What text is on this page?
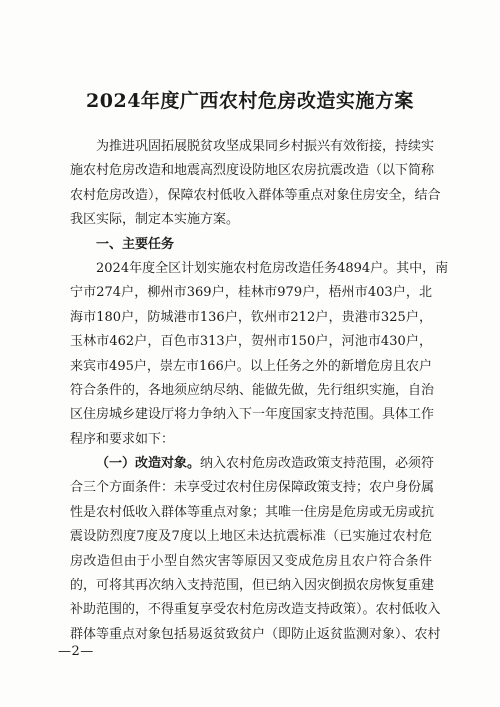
2024年度广西农村危房改造实施方案
为推进巩固拓展脱贫攻坚成果同乡村振兴有效衔接，持续实
施农村危房改造和地震高烈度设防地区农房抗震改造（以下简称
农村危房改造），保障农村低收入群体等重点对象住房安全，结合
我区实际，制定本实施方案。
一、主要任务
2024年度全区计划实施农村危房改造任务4894户。其中，南
宁市274户，柳州市369户，桂林市979户，梧州市403户，北
海市180户，防城港市136户，钦州市212户，贵港市325户，
玉林市462户，百色市313户，贺州市150户，河池市430户，
来宾市495户，崇左市166户。以上任务之外的新增危房且农户
符合条件的，各地须应纳尽纳、能做先做，先行组织实施，自治
区住房城乡建设厅将力争纳入下一年度国家支持范围。具体工作
程序和要求如下：
（一）改造对象。纳入农村危房改造政策支持范围，必须符
合三个方面条件：未享受过农村住房保障政策支持；农户身份属
性是农村低收入群体等重点对象；其唯一住房是危房或无房或抗
震设防烈度7度及7度以上地区未达抗震标准（已实施过农村危
房改造但由于小型自然灾害等原因又变成危房且农户符合条件
的，可将其再次纳入支持范围，但已纳入因灾倒损农房恢复重建
补助范围的，不得重复享受农村危房改造支持政策）。农村低收入
群体等重点对象包括易返贫致贫户（即防止返贫监测对象）、农村
—2—
